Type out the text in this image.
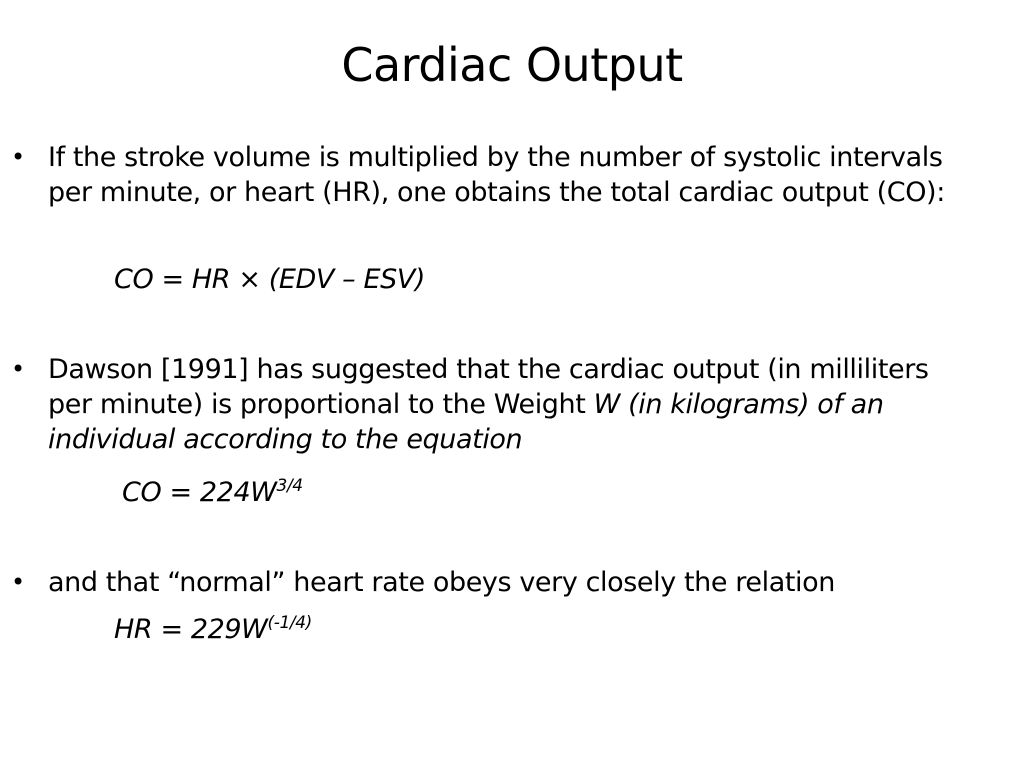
Cardiac Output
• If the stroke volume is multiplied by the number of systolic intervals per minute, or heart (HR), one obtains the total cardiac output (CO):
CO = HR × (EDV – ESV)
• Dawson [1991] has suggested that the cardiac output (in milliliters per minute) is proportional to the Weight W (in kilograms) of an individual according to the equation
CO = $224W^{3/4}$
• and that “normal” heart rate obeys very closely the relation
HR = $229W^{(-1/4)}$
